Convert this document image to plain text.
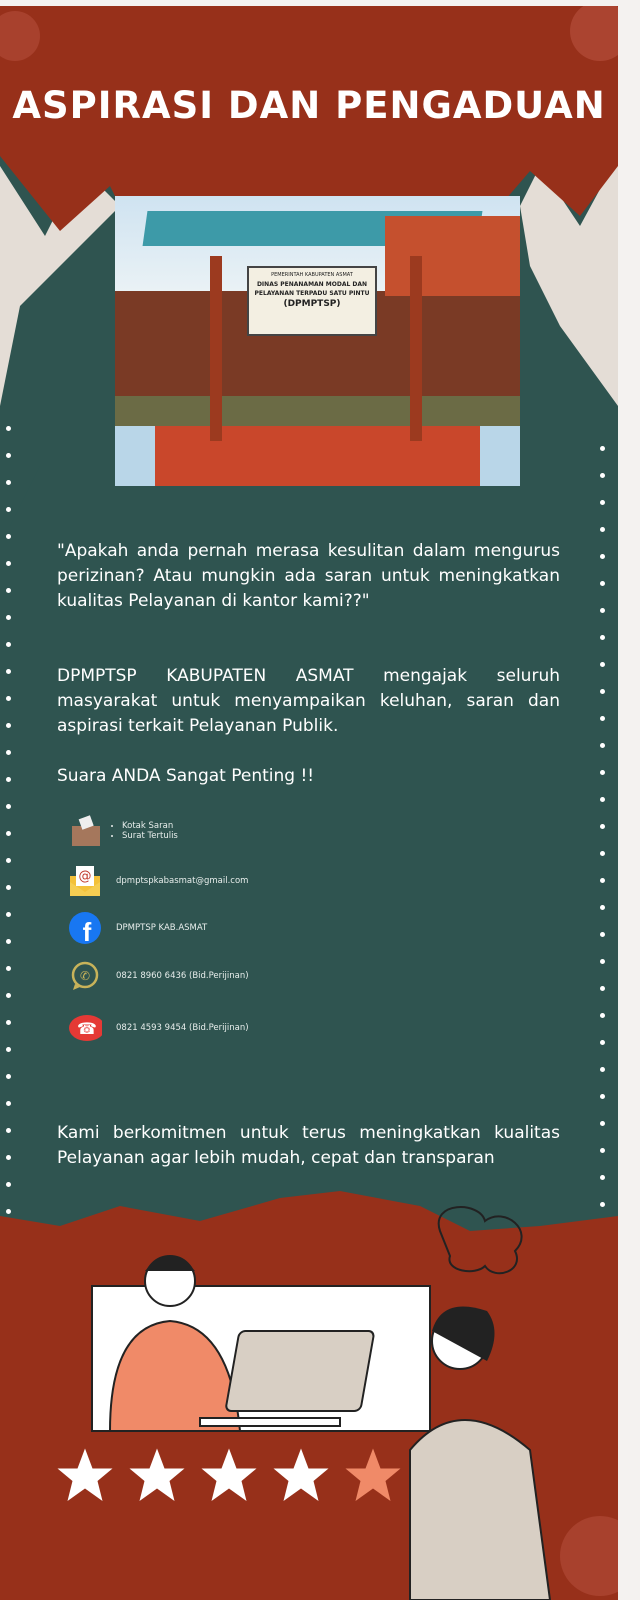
ASPIRASI DAN PENGADUAN
PEMERINTAH KABUPATEN ASMAT
DINAS PENANAMAN MODAL DAN
PELAYANAN TERPADU SATU PINTU
(DPMPTSP)
"Apakah anda pernah merasa kesulitan dalam mengurus perizinan? Atau mungkin ada saran untuk meningkatkan kualitas Pelayanan di kantor kami??"
DPMPTSP KABUPATEN ASMAT mengajak seluruh masyarakat untuk menyampaikan keluhan, saran dan aspirasi terkait Pelayanan Publik.
Suara ANDA Sangat Penting !!
• Kotak Saran
• Surat Tertulis
@	dpmptspkabasmat@gmail.com
f	DPMPTSP KAB.ASMAT
✆	0821 8960 6436 (Bid.Perijinan)
☎ 0821 4593 9454 (Bid.Perijinan)
Kami berkomitmen untuk terus meningkatkan kualitas Pelayanan agar lebih mudah, cepat dan transparan
